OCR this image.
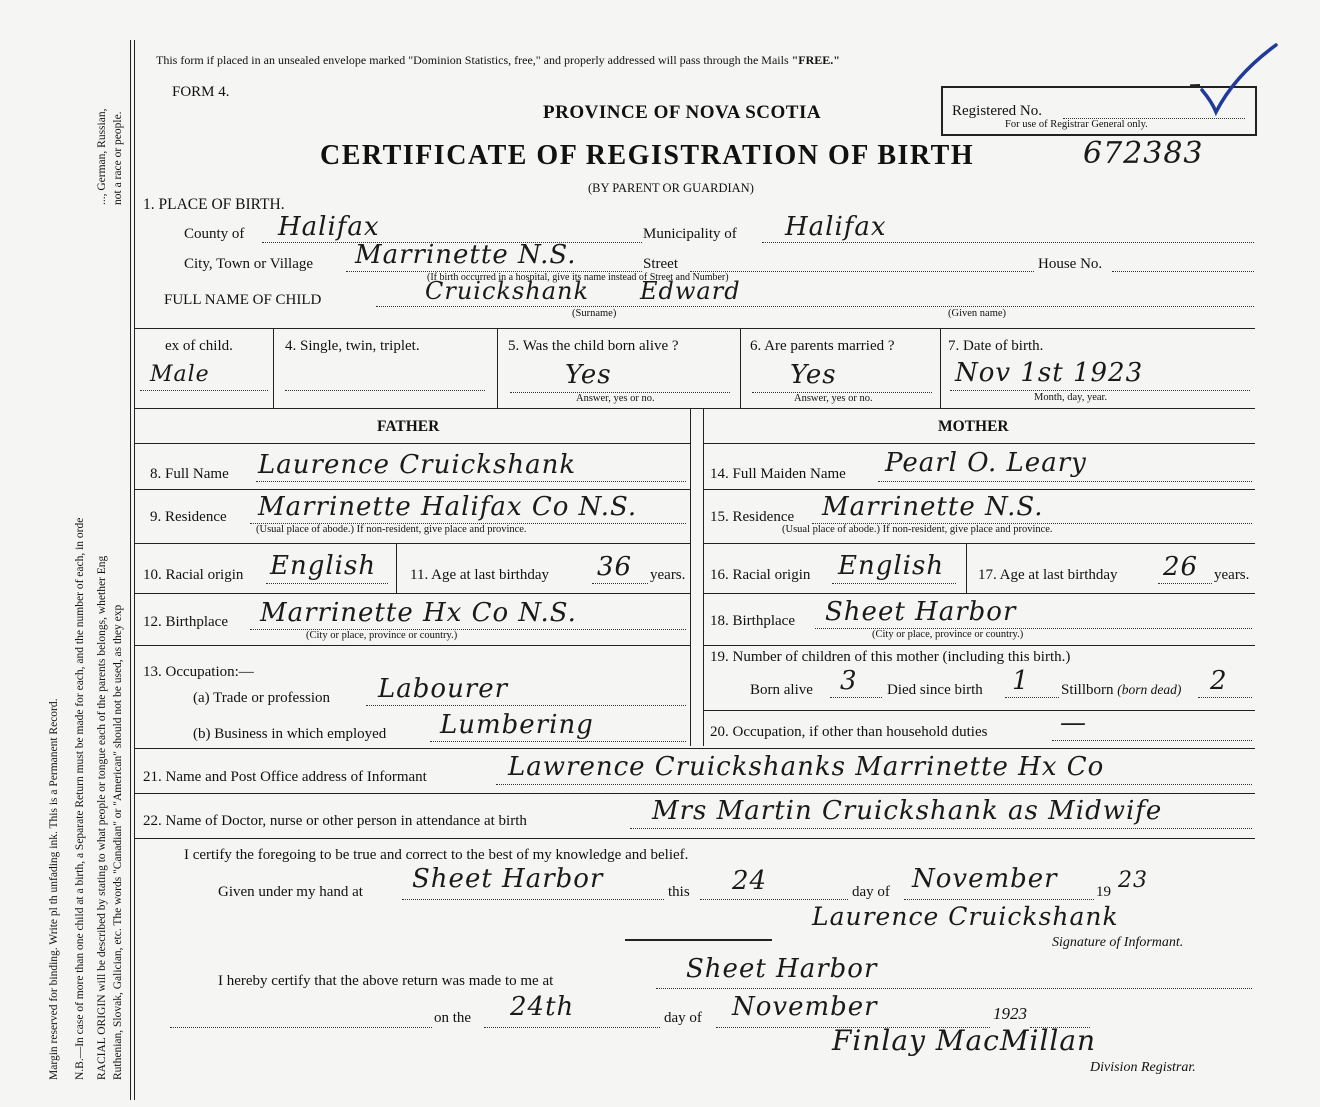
Margin reserved for binding. Write pl th unfading ink. This is a Permanent Record. N.B.—In case of more than one child at a birth, a Separate Return must be made for each, and the number of each, in orde RACIAL ORIGIN will be described by stating to what people or tongue each of the parents belongs, whether Eng Ruthenian, Slovak, Galician, etc. The words "Canadian" or "American" should not be used, as they exp
..., German, Russian, not a race or people.
This form if placed in an unsealed envelope marked "Dominion Statistics, free," and properly addressed will pass through the Mails "FREE."
FORM 4.
PROVINCE OF NOVA SCOTIA
CERTIFICATE OF REGISTRATION OF BIRTH	672383
(BY PARENT OR GUARDIAN)
Registered No.
For use of Registrar General only.
1. PLACE OF BIRTH.
County of Halifax	Municipality of Halifax
City, Town or Village Marrinette N.S.	Street
(If birth occurred in a hospital, give its name instead of Street and Number)
House No.
FULL NAME OF CHILD	Cruickshank Edward
(Surname)	(Given name)
ex of child.
Male
4. Single, twin, triplet.	5. Was the child born alive ?
Yes
Answer, yes or no.
6. Are parents married ?
Yes
Answer, yes or no.
7. Date of birth.
Nov 1st 1923
Month, day, year.
FATHER	MOTHER
8. Full Name Laurence Cruickshank
9. Residence Marrinette Halifax Co N.S.
(Usual place of abode.) If non-resident, give place and province.
10. Racial origin English 11. Age at last birthday 36 years.
12. Birthplace Marrinette Hx Co N.S.
(City or place, province or country.)
13. Occupation:—
(a) Trade or profession Labourer
(b) Business in which employed Lumbering
14. Full Maiden Name Pearl O. Leary
15. Residence Marrinette N.S.
(Usual place of abode.) If non-resident, give place and province.
16. Racial origin English 17. Age at last birthday 26 years.
18. Birthplace Sheet Harbor
(City or place, province or country.)
19. Number of children of this mother (including this birth.)
Born alive 3 Died since birth 1 Stillborn (born dead) 2
20. Occupation, if other than household duties	—
21. Name and Post Office address of Informant	Lawrence Cruickshanks Marrinette Hx Co
22. Name of Doctor, nurse or other person in attendance at birth	Mrs Martin Cruickshank as Midwife
I certify the foregoing to be true and correct to the best of my knowledge and belief.
Given under my hand at Sheet Harbor	this 24	day of November	19 23
Laurence Cruickshank
Signature of Informant.
I hereby certify that the above return was made to me at	Sheet Harbor
on the 24th	day of November	1923
Finlay MacMillan
Division Registrar.
